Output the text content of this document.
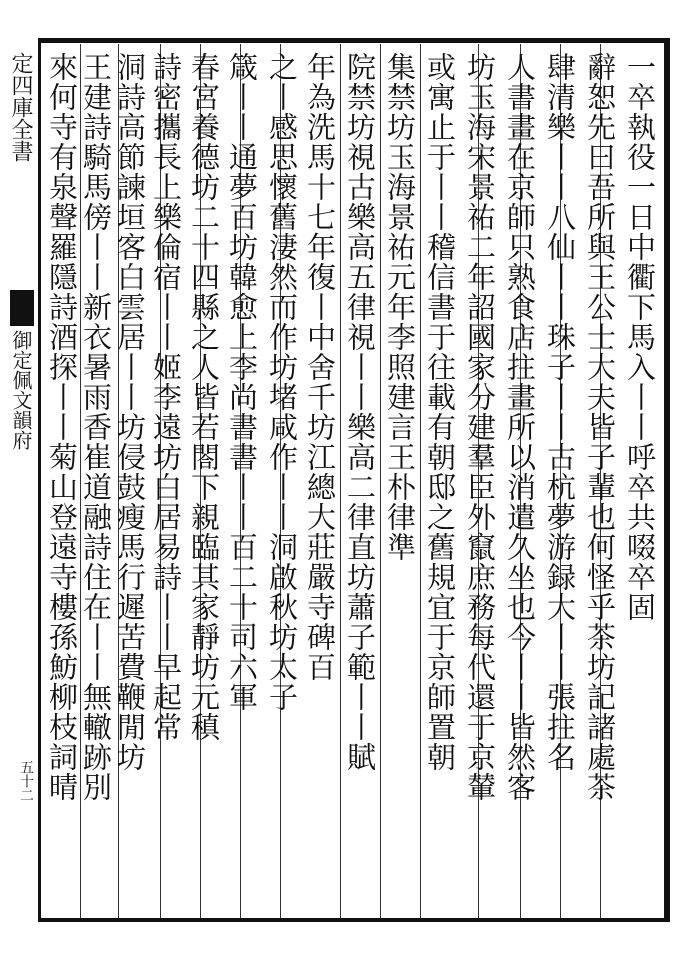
定四庫全書
御定佩文韻府
五十二
一卒執役一日中衢下馬入丨丨呼卒共啜卒固
辭恕先曰吾所與王公士大夫皆子輩也何怪乎茶坊記諸處茶
肆清樂丨丨八仙丨丨珠子丨丨古杭夢游録大丨丨張拄名
人書畫在京師只熟食店拄畫所以消遣久坐也今丨丨皆然客
坊玉海宋景祐二年詔國家分建羣臣外竄庶務每代還于京輦
或寓止于丨丨稽信書于往載有朝邸之舊規宜于京師置朝
集禁坊玉海景祐元年李照建言王朴律準
院禁坊視古樂高五律視丨丨樂高二律直坊蕭子範丨丨賦
年為洗馬十七年復丨中舍千坊江總大莊嚴寺碑百
之丨感思懷舊淒然而作坊堵咸作丨丨洞啟秋坊太子
箴丨丨通夢百坊韓愈上李尚書書丨丨百二十司六軍
春宮養德坊二十四縣之人皆若閤下親臨其家靜坊元稹
詩密攜長上樂倫宿丨丨姬李遠坊白居易詩丨丨早起常
洞詩高節諫垣客白雲居丨丨坊侵鼓瘦馬行遲苦費鞭閒坊
王建詩騎馬傍丨丨新衣暑雨香崔道融詩住在丨丨無轍跡別
來何寺有泉聲羅隱詩酒探丨丨菊山登遠寺樓孫魴柳枝詞晴
